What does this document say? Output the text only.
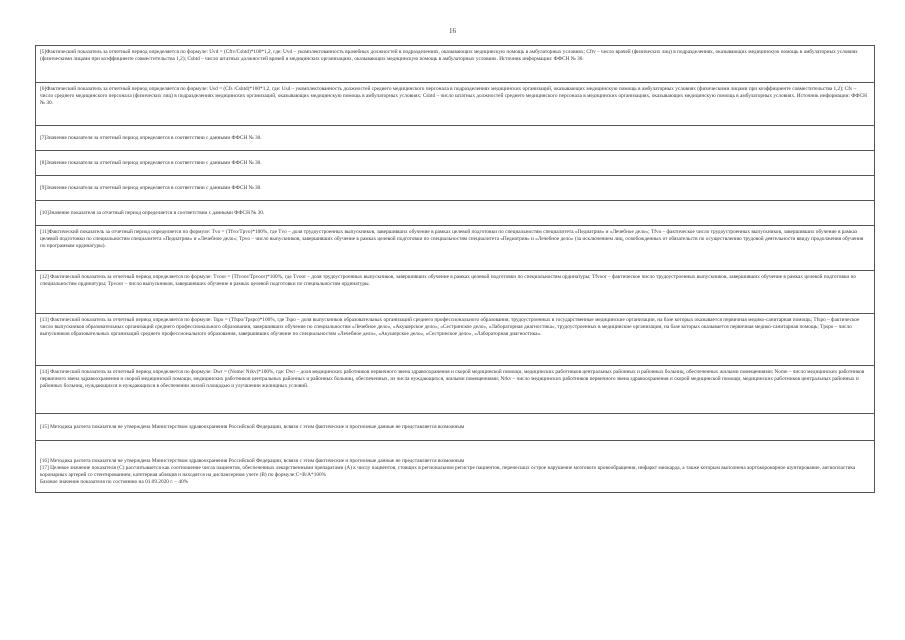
16
[5]Фактический показатель за отчетный период определяется по формуле: Uvd = (Cftv/Cshtd)*100*1,2, где: Uvd – укомплектованность врачебных должностей в подразделениях, оказывающих медицинскую помощь в амбулаторных условиях; Cftv – число врачей (физических лиц) в подразделениях, оказывающих медицинскую помощь в амбулаторных условиях (физическими лицами при коэффициенте совместительства 1,2); Cshtd – число штатных должностей врачей в медицинских организациях, оказывающих медицинскую помощь в амбулаторных условиях. Источник информации: ФФСН № 30.

[6]Фактический показатель за отчетный период определяется по формуле: Usd = (Cfs /Cshtd)*100*1,2, где: Usd – укомплектованность должностей среднего медицинского персонала в подразделениях медицинских организаций, оказывающих медицинскую помощь в амбулаторных условиях (физическими лицами при коэффициенте совместительства 1,2); Cfs – число среднего медицинского персонала (физических лиц) в подразделениях медицинских организаций, оказывающих медицинскую помощь в амбулаторных условиях; Cshtd – число штатных должностей среднего медицинского персонала в медицинских организациях, оказывающих медицинскую помощь в амбулаторных условиях. Источник информации: ФФСН № 30.

[7]Значение показателя за отчетный период определяется в соответствии с данными ФФСН № 30.

[8]Значение показателя за отчетный период определяется в соответствии с данными ФФСН № 30.

[9]Значение показателя за отчетный период определяется в соответствии с данными ФФСН № 30.

[10]Значение показателя за отчетный период определяется в соответствии с данными ФФСН № 30.

[11]Фактический показатель за отчетный период определяется по формуле: Tvo = (Tfvo/Tpvo)*100%, где Tvo – доля трудоустроенных выпускников, завершивших обучение в рамках целевой подготовки по специальностям специалитета «Педиатрия» и «Лечебное дело»; Tfvo – фактическое число трудоустроенных выпускников, завершивших обучение в рамках целевой подготовки по специальностям специалитета «Педиатрия» и «Лечебное дело»; Tpvo – число выпускников, завершивших обучение в рамках целевой подготовки по специальностям специалитета «Педиатрия» и «Лечебное дело» (за исключением лиц, освобожденных от обязательств по осуществлению трудовой деятельности ввиду продолжения обучения по программам ординатуры).

[12] Фактический показатель за отчетный период определяется по формуле: Tvoor = (Tfvoor/Tpvoor)*100%, где Tvoor – доля трудоустроенных выпускников, завершивших обучение в рамках целевой подготовки по специальностям ординатуры; Tfvoor – фактическое число трудоустроенных выпускников, завершивших обучение в рамках целевой подготовки по специальностям ординатуры; Tpvoor – число выпускников, завершивших обучение в рамках целевой подготовки по специальностям ординатуры.

[13] Фактический показатель за отчетный период определяется по формуле: Tspo = (Tfspo/Tpspo)*100%, где Tspo – доля выпускников образовательных организаций среднего профессионального образования, трудоустроенных в государственные медицинские организации, на базе которых оказывается первичная медико-санитарная помощь; Tfspo – фактическое число выпускников образовательных организаций среднего профессионального образования, завершивших обучение по специальностям «Лечебное дело», «Акушерское дело», «Сестринское дело», «Лабораторная диагностика», трудоустроенных в медицинские организации, на базе которых оказывается первичная медико-санитарная помощь; Tpspo – число выпускников образовательных организаций среднего профессионального образования, завершивших обучение по специальностям «Лечебное дело», «Акушерское дело», «Сестринское дело», «Лабораторная диагностика».

[14] Фактический показатель за отчетный период определяется по формуле: Dwr = (Nome/ Nrkv)*100%, где: Dwr – доля медицинских работников первичного звена здравоохранения и скорой медицинской помощи, медицинских работников центральных районных и районных больниц, обеспеченных жилыми помещениями; Nome – число медицинских работников первичного звена здравоохранения и скорой медицинской помощи, медицинских работников центральных районных и районных больниц, обеспеченных, из числа нуждающихся, жилыми помещениями; Nrkv – число медицинских работников первичного звена здравоохранения и скорой медицинской помощи, медицинских работников центральных районных и районных больниц, нуждающихся и нуждающихся в обеспечении жилой площадью и улучшении жилищных условий.

[15] Методика расчета показателя не утверждена Министерством здравоохранения Российской Федерации, всвязи с этим фактические и прогнозные данные не представляется возможным

[16] Методика расчета показателя не утверждена Министерством здравоохранения Российской Федерации, всвязи с этим фактические и прогнозные данные не представляется возможным
[17] Целевое значение показателя (C) рассчитывается как соотношение числа пациентов, обеспеченных лекарственными препаратами (A) к числу пациентов, стоящих в региональном регистре пациентов, перенесших острое нарушение мозгового кровообращения, инфаркт миокарда, а также которым выполнена аортокоронарное шунтирование, ангиопластика коронарных артерий со стентированием, катетерная абляция и находятся на диспансерном учете (B) по формуле:C=B/A*100%
Базовое значение показателя по состоянию на 01.09.2020 г. – 40%
